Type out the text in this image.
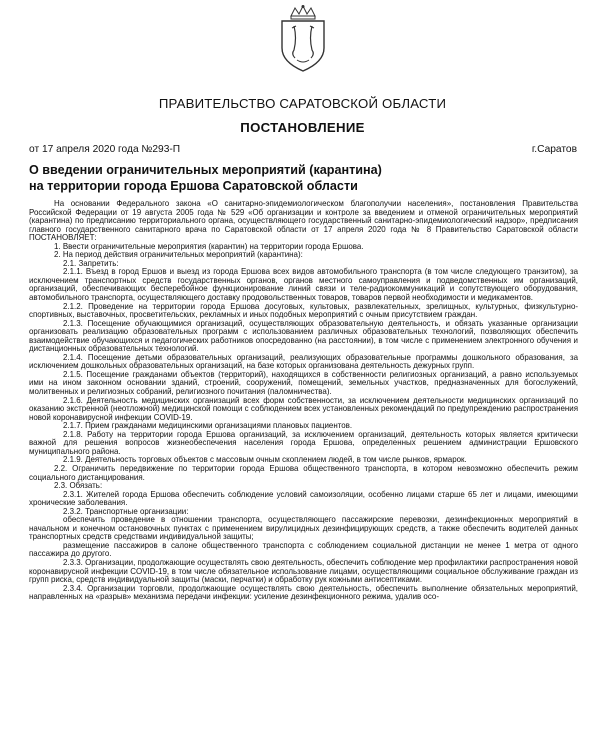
ПРАВИТЕЛЬСТВО САРАТОВСКОЙ ОБЛАСТИ
ПОСТАНОВЛЕНИЕ
от 17 апреля 2020 года №293-П	г.Саратов
О введении ограничительных мероприятий (карантина)
на территории города Ершова Саратовской области

На основании Федерального закона «О санитарно-эпидемиологическом благополучии населения», постановления Правительства Российской Федерации от 19 августа 2005 года № 529 «Об организации и контроле за введением и отменой ограничительных мероприятий (карантина) по предписанию территориального органа, осуществляющего государственный санитарно-эпидемиологический надзор», предписания главного государственного санитарного врача по Саратовской области от 17 апреля 2020 года № 8 Правительство Саратовской области ПОСТАНОВЛЯЕТ:

1. Ввести ограничительные мероприятия (карантин) на территории города Ершова.

2. На период действия ограничительных мероприятий (карантина):

2.1. Запретить:

2.1.1. Въезд в город Ершов и выезд из города Ершова всех видов автомобильного транспорта (в том числе следующего транзитом), за исключением транспортных средств государственных органов, органов местного самоуправления и подведомственных им организаций, организаций, обеспечивающих бесперебойное функционирование линий связи и теле-радиокоммуникаций и сопутствующего оборудования, автомобильного транспорта, осуществляющего доставку продовольственных товаров, товаров первой необходимости и медикаментов.

2.1.2. Проведение на территории города Ершова досуговых, культовых, развлекательных, зрелищных, культурных, физкультурно-спортивных, выставочных, просветительских, рекламных и иных подобных мероприятий с очным присутствием граждан.

2.1.3. Посещение обучающимися организаций, осуществляющих образовательную деятельность, и обязать указанные организации организовать реализацию образовательных программ с использованием различных образовательных технологий, позволяющих обеспечить взаимодействие обучающихся и педагогических работников опосредованно (на расстоянии), в том числе с применением электронного обучения и дистанционных образовательных технологий.

2.1.4. Посещение детьми образовательных организаций, реализующих образовательные программы дошкольного образования, за исключением дошкольных образовательных организаций, на базе которых организована деятельность дежурных групп.

2.1.5. Посещение гражданами объектов (территорий), находящихся в собственности религиозных организаций, а равно используемых ими на ином законном основании зданий, строений, сооружений, помещений, земельных участков, предназначенных для богослужений, молитвенных и религиозных собраний, религиозного почитания (паломничества).

2.1.6. Деятельность медицинских организаций всех форм собственности, за исключением деятельности медицинских организаций по оказанию экстренной (неотложной) медицинской помощи с соблюдением всех установленных рекомендаций по предупреждению распространения новой коронавирусной инфекции COVID-19.

2.1.7. Прием гражданами медицинскими организациями плановых пациентов.

2.1.8. Работу на территории города Ершова организаций, за исключением организаций, деятельность которых является критически важной для решения вопросов жизнеобеспечения населения города Ершова, определенных решением администрации Ершовского муниципального района.

2.1.9. Деятельность торговых объектов с массовым очным скоплением людей, в том числе рынков, ярмарок.

2.2. Ограничить передвижение по территории города Ершова общественного транспорта, в котором невозможно обеспечить режим социального дистанцирования.

2.3. Обязать:

2.3.1. Жителей города Ершова обеспечить соблюдение условий самоизоляции, особенно лицами старше 65 лет и лицами, имеющими хронические заболевания.

2.3.2. Транспортные организации:

обеспечить проведение в отношении транспорта, осуществляющего пассажирские перевозки, дезинфекционных мероприятий в начальном и конечном остановочных пунктах с применением вирулицидных дезинфицирующих средств, а также обеспечить водителей данных транспортных средств средствами индивидуальной защиты;

размещение пассажиров в салоне общественного транспорта с соблюдением социальной дистанции не менее 1 метра от одного пассажира до другого.

2.3.3. Организации, продолжающие осуществлять свою деятельность, обеспечить соблюдение мер профилактики распространения новой коронавирусной инфекции COVID-19, в том числе обязательное использование лицами, осуществляющими социальное обслуживание граждан из групп риска, средств индивидуальной защиты (маски, перчатки) и обработку рук кожными антисептиками.

2.3.4. Организации торговли, продолжающие осуществлять свою деятельность, обеспечить выполнение обязательных мероприятий, направленных на «разрыв» механизма передачи инфекции: усиление дезинфекционного режима, удалив осо-
